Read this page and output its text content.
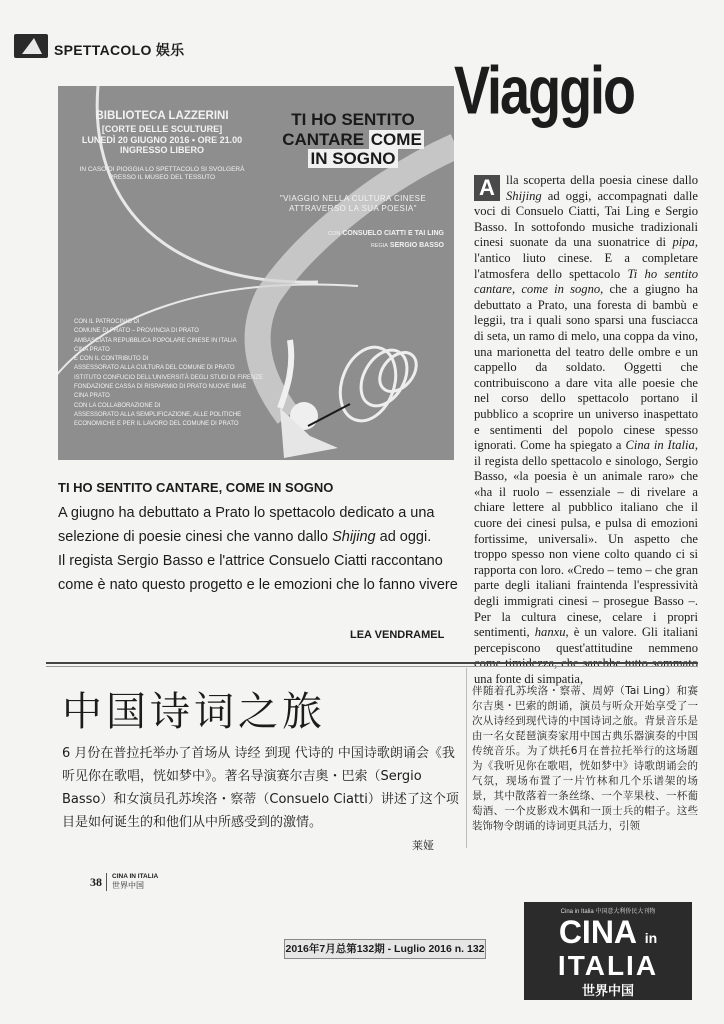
SPETTACOLO 娱乐
Viaggio
BIBLIOTECA LAZZERINI
[CORTE DELLE SCULTURE]
LUNEDÌ 20 GIUGNO 2016 • ORE 21.00
INGRESSO LIBERO
IN CASO DI PIOGGIA LO SPETTACOLO SI SVOLGERÀ PRESSO IL MUSEO DEL TESSUTO
TI HO SENTITO
CANTARE COME
IN SOGNO
"VIAGGIO NELLA CULTURA CINESE ATTRAVERSO LA SUA POESIA"
CON CONSUELO CIATTI E TAI LING
REGIA SERGIO BASSO
CON IL PATROCINIO DI
COMUNE DI PRATO – PROVINCIA DI PRATO
AMBASCIATA REPUBBLICA POPOLARE CINESE IN ITALIA
CINA PRATO
E CON IL CONTRIBUTO DI
ASSESSORATO ALLA CULTURA DEL COMUNE DI PRATO
ISTITUTO CONFUCIO DELL'UNIVERSITÀ DEGLI STUDI DI FIRENZE
FONDAZIONE CASSA DI RISPARMIO DI PRATO NUOVE IMAE
CINA PRATO
CON LA COLLABORAZIONE DI
ASSESSORATO ALLA SEMPLIFICAZIONE, ALLE POLITICHE
ECONOMICHE E PER IL LAVORO DEL COMUNE DI PRATO
TI HO SENTITO CANTARE, COME IN SOGNO
A giugno ha debuttato a Prato lo spettacolo dedicato a una selezione di poesie cinesi che vanno dallo Shijing ad oggi.
Il regista Sergio Basso e l'attrice Consuelo Ciatti raccontano come è nato questo progetto e le emozioni che lo fanno vivere
LEA VENDRAMEL
A lla scoperta della poesia cinese dallo Shijing ad oggi, accompagnati dalle voci di Consuelo Ciatti, Tai Ling e Sergio Basso. In sottofondo musiche tradizionali cinesi suonate da una suonatrice di pipa, l'antico liuto cinese. E a completare l'atmosfera dello spettacolo Ti ho sentito cantare, come in sogno, che a giugno ha debuttato a Prato, una foresta di bambù e leggii, tra i quali sono sparsi una fusciacca di seta, un ramo di melo, una coppa da vino, una marionetta del teatro delle ombre e un cappello da soldato. Oggetti che contribuiscono a dare vita alle poesie che nel corso dello spettacolo portano il pubblico a scoprire un universo inaspettato e sentimenti del popolo cinese spesso ignorati. Come ha spiegato a Cina in Italia, il regista dello spettacolo e sinologo, Sergio Basso, «la poesia è un animale raro» che «ha il ruolo – essenziale – di rivelare a chiare lettere al pubblico italiano che il cuore dei cinesi pulsa, e pulsa di emozioni fortissime, universali». Un aspetto che troppo spesso non viene colto quando ci si rapporta con loro. «Credo – temo – che gran parte degli italiani fraintenda l'espressività degli immigrati cinesi – prosegue Basso –. Per la cultura cinese, celare i propri sentimenti, hanxu, è un valore. Gli italiani percepiscono quest'attitudine nemmeno una fonte di simpatia,
中国诗词之旅
6 月份在普拉托举办了首场从 诗经 到现 代诗的 中国诗歌朗诵会《我听见你在歌唱，恍如梦中》。著名导演赛尔吉奥・巴索（Sergio Basso）和女演员孔苏埃洛・察蒂（Consuelo Ciatti）讲述了这个项目是如何诞生的和他们从中所感受到的激情。
莱娅
伴随着孔苏埃洛・察蒂、周婷（Tai Ling）和赛尔吉奥・巴索的朗诵，演员与听众开始享受了一次从诗经到现代诗的中国诗词之旅。背景音乐是由一名女琵琶演奏家用中国古典乐器演奏的中国传统音乐。为了烘托6月在普拉托举行的这场题为《我听见你在歌唱，恍如梦中》诗歌朗诵会的气氛，现场布置了一片竹林和几个乐谱架的场景，其中散落着一条丝绦、一个苹果枝、一杯葡萄酒、一个皮影戏木偶和一顶士兵的帽子。这些装饰物令朗诵的诗词更具活力，引领
38 CINA IN ITALIA
世界中国
2016年7月总第132期 - Luglio 2016 n. 132
Cina in Italia 中国意大利侨民大刊物
CINA in
ITALIA
世界中国
